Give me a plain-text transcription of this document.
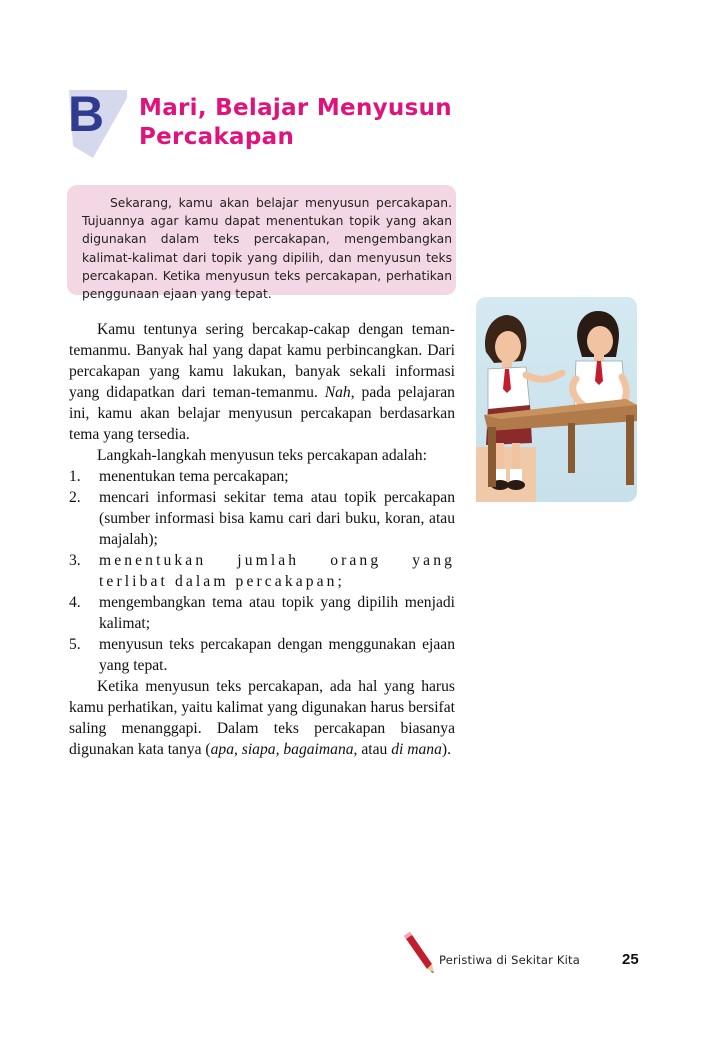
B Mari, Belajar Menyusun
Percakapan
Sekarang, kamu akan belajar menyusun percakapan. Tujuannya agar kamu dapat menentukan topik yang akan digunakan dalam teks percakapan, mengembangkan kalimat-kalimat dari topik yang dipilih, dan menyusun teks percakapan. Ketika menyusun teks percakapan, perhatikan penggunaan ejaan yang tepat.

Kamu tentunya sering bercakap-cakap dengan teman-temanmu. Banyak hal yang dapat kamu perbincangkan. Dari percakapan yang kamu lakukan, banyak sekali informasi yang didapatkan dari teman-temanmu. Nah, pada pelajaran ini, kamu akan belajar menyusun percakapan berdasarkan tema yang tersedia.

Langkah-langkah menyusun teks percakapan adalah:

1. menentukan tema percakapan;
2. mencari informasi sekitar tema atau topik percakapan (sumber informasi bisa kamu cari dari buku, koran, atau majalah);
3. menentukan jumlah orang yang terlibat dalam percakapan;
4. mengembangkan tema atau topik yang dipilih menjadi kalimat;
5. menyusun teks percakapan dengan menggunakan ejaan yang tepat.

Ketika menyusun teks percakapan, ada hal yang harus kamu perhatikan, yaitu kalimat yang digunakan harus bersifat saling menanggapi. Dalam teks percakapan biasanya digunakan kata tanya (apa, siapa, bagaimana, atau di mana).

Peristiwa di Sekitar Kita	25
